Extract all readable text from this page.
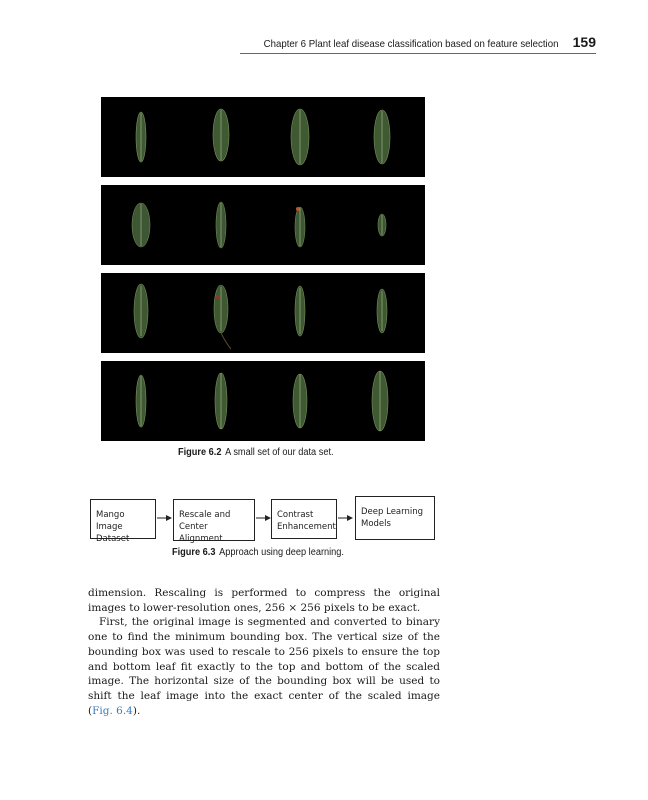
Chapter 6 Plant leaf disease classification based on feature selection 159
Figure 6.2 A small set of our data set.
Mango Image
Dataset
Rescale and
Center Alignment
Contrast
Enhancement
Deep Learning
Models
Figure 6.3 Approach using deep learning.

dimension. Rescaling is performed to compress the original images to lower-resolution ones, 256 × 256 pixels to be exact.

First, the original image is segmented and converted to binary one to find the minimum bounding box. The vertical size of the bounding box was used to rescale to 256 pixels to ensure the top and bottom leaf fit exactly to the top and bottom of the scaled image. The horizontal size of the bounding box will be used to shift the leaf image into the exact center of the scaled image (Fig. 6.4).
